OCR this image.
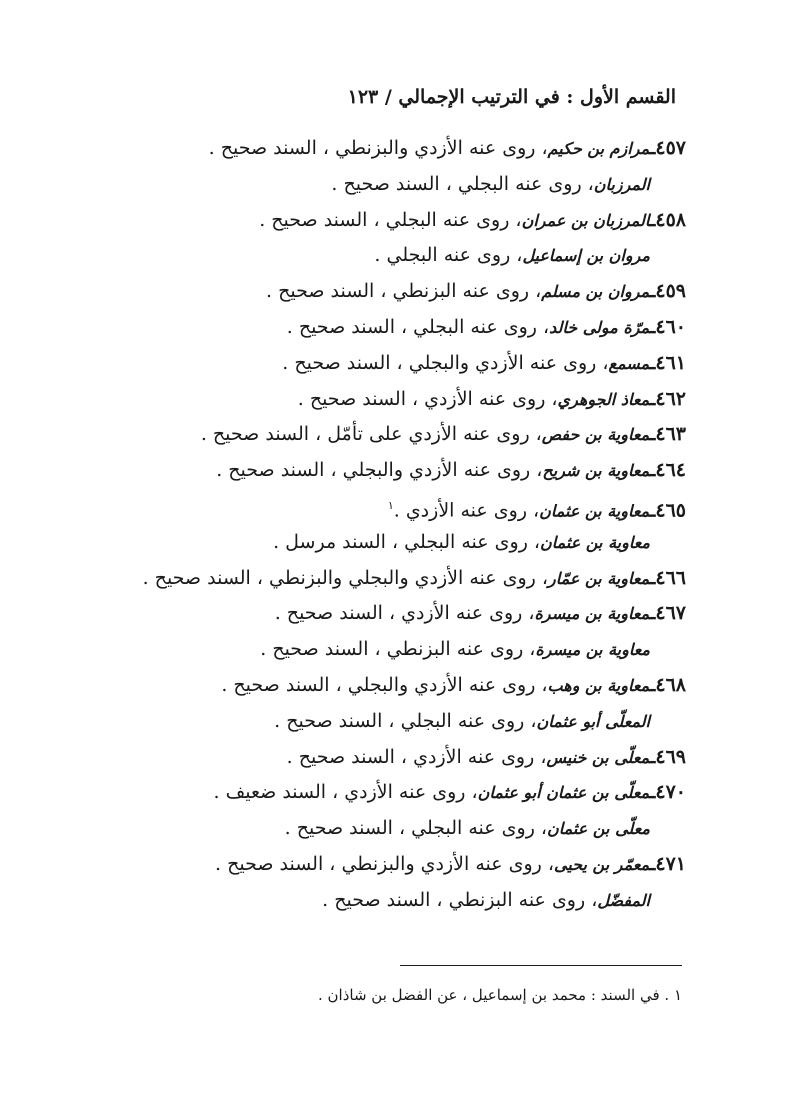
القسم الأول : في الترتيب الإجمالي / ١٢٣
٤٥٧ـمرازم بن حكيم، روى عنه الأزدي والبزنطي ، السند صحيح .
المرزبان، روى عنه البجلي ، السند صحيح .
٤٥٨ـالمرزبان بن عمران، روى عنه البجلي ، السند صحيح .
مروان بن إسماعيل، روى عنه البجلي .
٤٥٩ـمروان بن مسلم، روى عنه البزنطي ، السند صحيح .
٤٦٠ـمرّة مولى خالد، روى عنه البجلي ، السند صحيح .
٤٦١ـمسمع، روى عنه الأزدي والبجلي ، السند صحيح .
٤٦٢ـمعاذ الجوهري، روى عنه الأزدي ، السند صحيح .
٤٦٣ـمعاوية بن حفص، روى عنه الأزدي على تأمّل ، السند صحيح .
٤٦٤ـمعاوية بن شريح، روى عنه الأزدي والبجلي ، السند صحيح .
٤٦٥ـمعاوية بن عثمان، روى عنه الأزدي .$^١$
معاوية بن عثمان، روى عنه البجلي ، السند مرسل .
٤٦٦ـمعاوية بن عمّار، روى عنه الأزدي والبجلي والبزنطي ، السند صحيح .
٤٦٧ـمعاوية بن ميسرة، روى عنه الأزدي ، السند صحيح .
معاوية بن ميسرة، روى عنه البزنطي ، السند صحيح .
٤٦٨ـمعاوية بن وهب، روى عنه الأزدي والبجلي ، السند صحيح .
المعلّى أبو عثمان، روى عنه البجلي ، السند صحيح .
٤٦٩ـمعلّى بن خنيس، روى عنه الأزدي ، السند صحيح .
٤٧٠ـمعلّى بن عثمان أبو عثمان، روى عنه الأزدي ، السند ضعيف .
معلّى بن عثمان، روى عنه البجلي ، السند صحيح .
٤٧١ـمعمّر بن يحيى، روى عنه الأزدي والبزنطي ، السند صحيح .
المفضّل، روى عنه البزنطي ، السند صحيح .
١ . في السند : محمد بن إسماعيل ، عن الفضل بن شاذان .
